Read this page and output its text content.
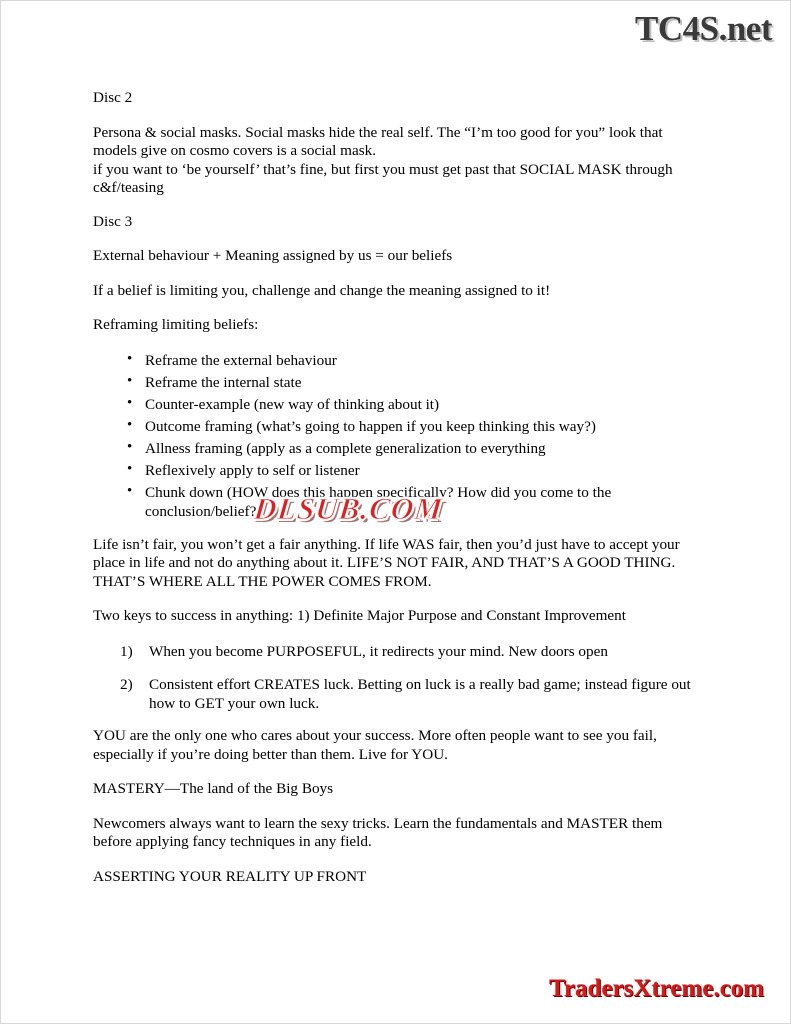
TC4S.net

Disc 2

Persona & social masks. Social masks hide the real self. The “I’m too good for you” look that models give on cosmo covers is a social mask.
if you want to ‘be yourself’ that’s fine, but first you must get past that SOCIAL MASK through c&f/teasing

Disc 3

External behaviour + Meaning assigned by us = our beliefs

If a belief is limiting you, challenge and change the meaning assigned to it!

Reframing limiting beliefs:

• Reframe the external behaviour
• Reframe the internal state
• Counter-example (new way of thinking about it)
• Outcome framing (what’s going to happen if you keep thinking this way?)
• Allness framing (apply as a complete generalization to everything
• Reflexively apply to self or listener
• Chunk down (HOW does this happen specifically? How did you come to the conclusion/belief?)

Life isn’t fair, you won’t get a fair anything. If life WAS fair, then you’d just have to accept your place in life and not do anything about it. LIFE’S NOT FAIR, AND THAT’S A GOOD THING. THAT’S WHERE ALL THE POWER COMES FROM.

Two keys to success in anything: 1) Definite Major Purpose and Constant Improvement

When you become PURPOSEFUL, it redirects your mind. New doors open
Consistent effort CREATES luck. Betting on luck is a really bad game; instead figure out how to GET your own luck.

YOU are the only one who cares about your success. More often people want to see you fail, especially if you’re doing better than them. Live for YOU.

MASTERY—The land of the Big Boys

Newcomers always want to learn the sexy tricks. Learn the fundamentals and MASTER them before applying fancy techniques in any field.

ASSERTING YOUR REALITY UP FRONT

DLSUB.COM
TradersXtreme.com
